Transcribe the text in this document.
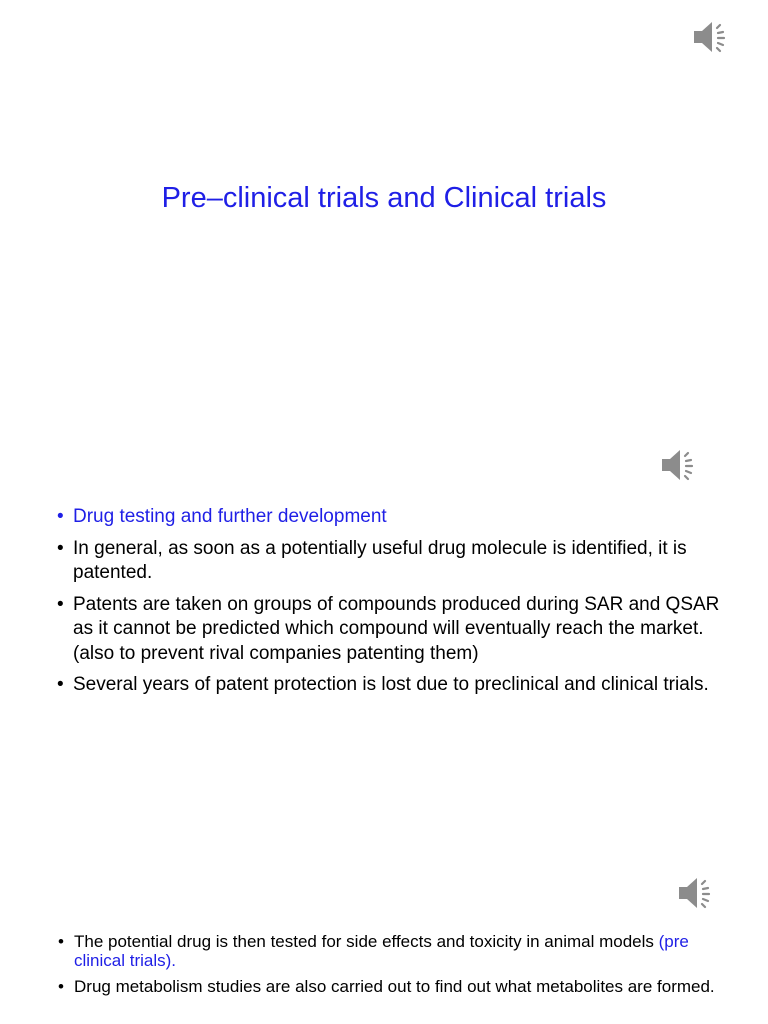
Pre–clinical trials and Clinical trials
• Drug testing and further development
• In general, as soon as a potentially useful drug molecule is identified, it is patented.
• Patents are taken on groups of compounds produced during SAR and QSAR as it cannot be predicted which compound will eventually reach the market. (also to prevent rival companies patenting them)
• Several years of patent protection is lost due to preclinical and clinical trials.
• The potential drug is then tested for side effects and toxicity in animal models (pre clinical trials).
• Drug metabolism studies are also carried out to find out what metabolites are formed.
